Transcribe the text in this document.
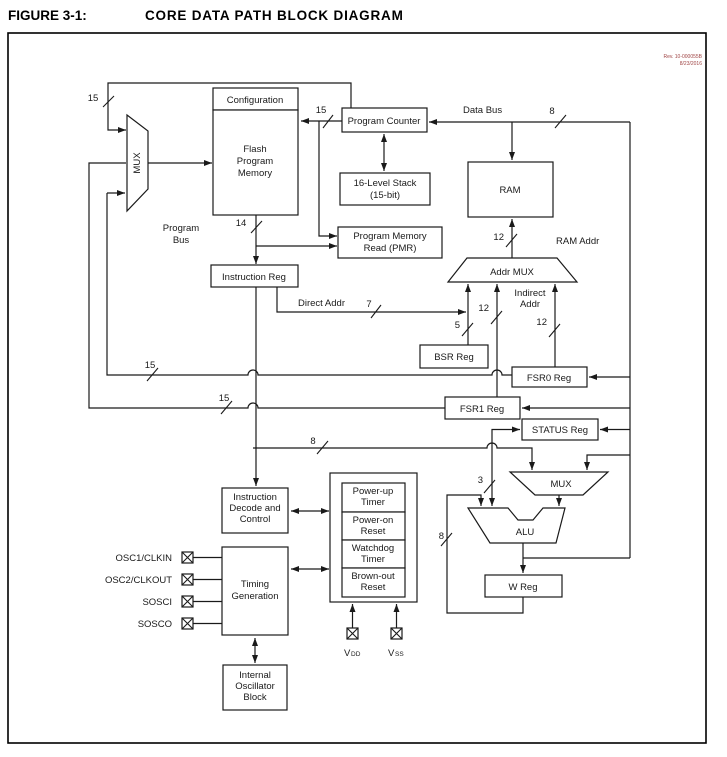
FIGURE 3-1:	CORE DATA PATH BLOCK DIAGRAM
Rev. 10-000055B
8/23/2016
Configuration
Flash
Program
Memory
Program Counter
16-Level Stack
(15-bit)	RAM
Program Memory
Read (PMR)
Instruction Reg	Addr MUX
BSR Reg
FSR0 Reg
FSR1 Reg
STATUS Reg
MUX
MUX
ALU
W Reg
Instruction
Decode and
Control
Timing
Generation
Power-up
Timer
Power-on
Reset
Watchdog
Timer
Brown-out
Reset
Internal
Oscillator
Block
Data Bus
Program
Bus	RAM Addr
Indirect
Addr
Direct Addr
15
15
14
8
12
7
5
12
12
15
15
8
3
8
OSC1/CLKIN
OSC2/CLKOUT
SOSCI
SOSCO
V DD	V SS
